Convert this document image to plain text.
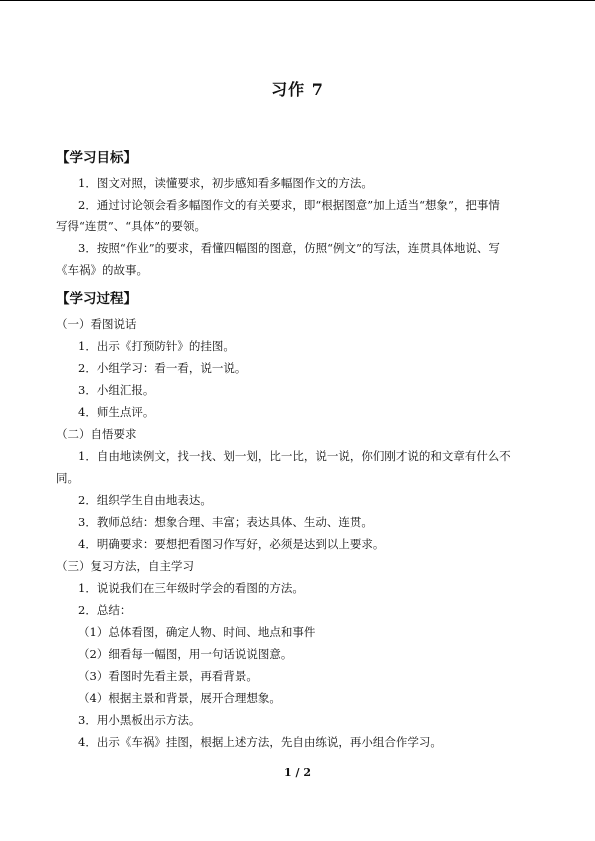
习作 7
【学习目标】
1．图文对照，读懂要求，初步感知看多幅图作文的方法。
2．通过讨论领会看多幅图作文的有关要求，即“根据图意”加上适当“想象”，把事情
写得“连贯”、“具体”的要领。
3．按照“作业”的要求，看懂四幅图的图意，仿照“例文”的写法，连贯具体地说、写
《车祸》的故事。
【学习过程】
（一）看图说话
1．出示《打预防针》的挂图。
2．小组学习：看一看，说一说。
3．小组汇报。
4．师生点评。
（二）自悟要求
1．自由地读例文，找一找、划一划，比一比，说一说，你们刚才说的和文章有什么不
同。
2．组织学生自由地表达。
3．教师总结：想象合理、丰富；表达具体、生动、连贯。
4．明确要求：要想把看图习作写好，必须是达到以上要求。
（三）复习方法，自主学习
1．说说我们在三年级时学会的看图的方法。
2．总结：
（1）总体看图，确定人物、时间、地点和事件
（2）细看每一幅图，用一句话说说图意。
（3）看图时先看主景，再看背景。
（4）根据主景和背景，展开合理想象。
3．用小黑板出示方法。
4．出示《车祸》挂图，根据上述方法，先自由练说，再小组合作学习。
1 / 2
